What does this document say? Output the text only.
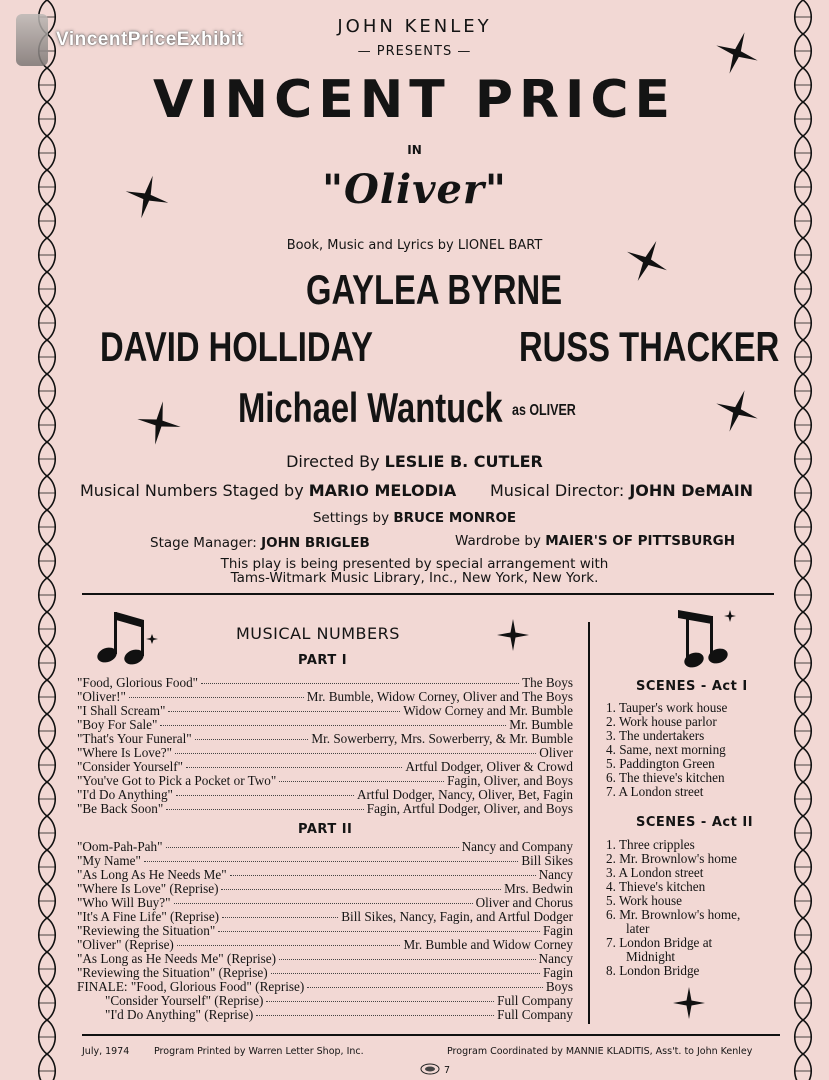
VincentPriceExhibit
JOHN KENLEY
— PRESENTS —
VINCENT PRICE
IN
"Oliver"
Book, Music and Lyrics by LIONEL BART
GAYLEA BYRNE
DAVID HOLLIDAY	RUSS THACKER
Michael Wantuck as OLIVER
Directed By LESLIE B. CUTLER
Musical Numbers Staged by MARIO MELODIA Musical Director: JOHN DeMAIN
Settings by BRUCE MONROE
Stage Manager: JOHN BRIGLEB	Wardrobe by MAIER'S OF PITTSBURGH
This play is being presented by special arrangement with
Tams-Witmark Music Library, Inc., New York, New York.
MUSICAL NUMBERS
PART I
"Food, Glorious Food"	The Boys
"Oliver!"	Mr. Bumble, Widow Corney, Oliver and The Boys
"I Shall Scream"	Widow Corney and Mr. Bumble
"Boy For Sale"	Mr. Bumble
"That's Your Funeral"	Mr. Sowerberry, Mrs. Sowerberry, & Mr. Bumble
"Where Is Love?"	Oliver
"Consider Yourself"	Artful Dodger, Oliver & Crowd
"You've Got to Pick a Pocket or Two"	Fagin, Oliver, and Boys
"I'd Do Anything"	Artful Dodger, Nancy, Oliver, Bet, Fagin
"Be Back Soon"	Fagin, Artful Dodger, Oliver, and Boys
PART II
"Oom-Pah-Pah"	Nancy and Company
"My Name"	Bill Sikes
"As Long As He Needs Me"	Nancy
"Where Is Love" (Reprise)	Mrs. Bedwin
"Who Will Buy?"	Oliver and Chorus
"It's A Fine Life" (Reprise)	Bill Sikes, Nancy, Fagin, and Artful Dodger
"Reviewing the Situation"	Fagin
"Oliver" (Reprise)	Mr. Bumble and Widow Corney
"As Long as He Needs Me" (Reprise)	Nancy
"Reviewing the Situation" (Reprise)	Fagin
FINALE: "Food, Glorious Food" (Reprise)	Boys
"Consider Yourself" (Reprise)	Full Company
"I'd Do Anything" (Reprise)	Full Company
SCENES - Act I
1. Tauper's work house
2. Work house parlor
3. The undertakers
4. Same, next morning
5. Paddington Green
6. The thieve's kitchen
7. A London street
SCENES - Act II
1. Three cripples
2. Mr. Brownlow's home
3. A London street
4. Thieve's kitchen
5. Work house
6. Mr. Brownlow's home,
later
7. London Bridge at
Midnight
8. London Bridge
July, 1974	Program Printed by Warren Letter Shop, Inc.	Program Coordinated by MANNIE KLADITIS, Ass't. to John Kenley
7
